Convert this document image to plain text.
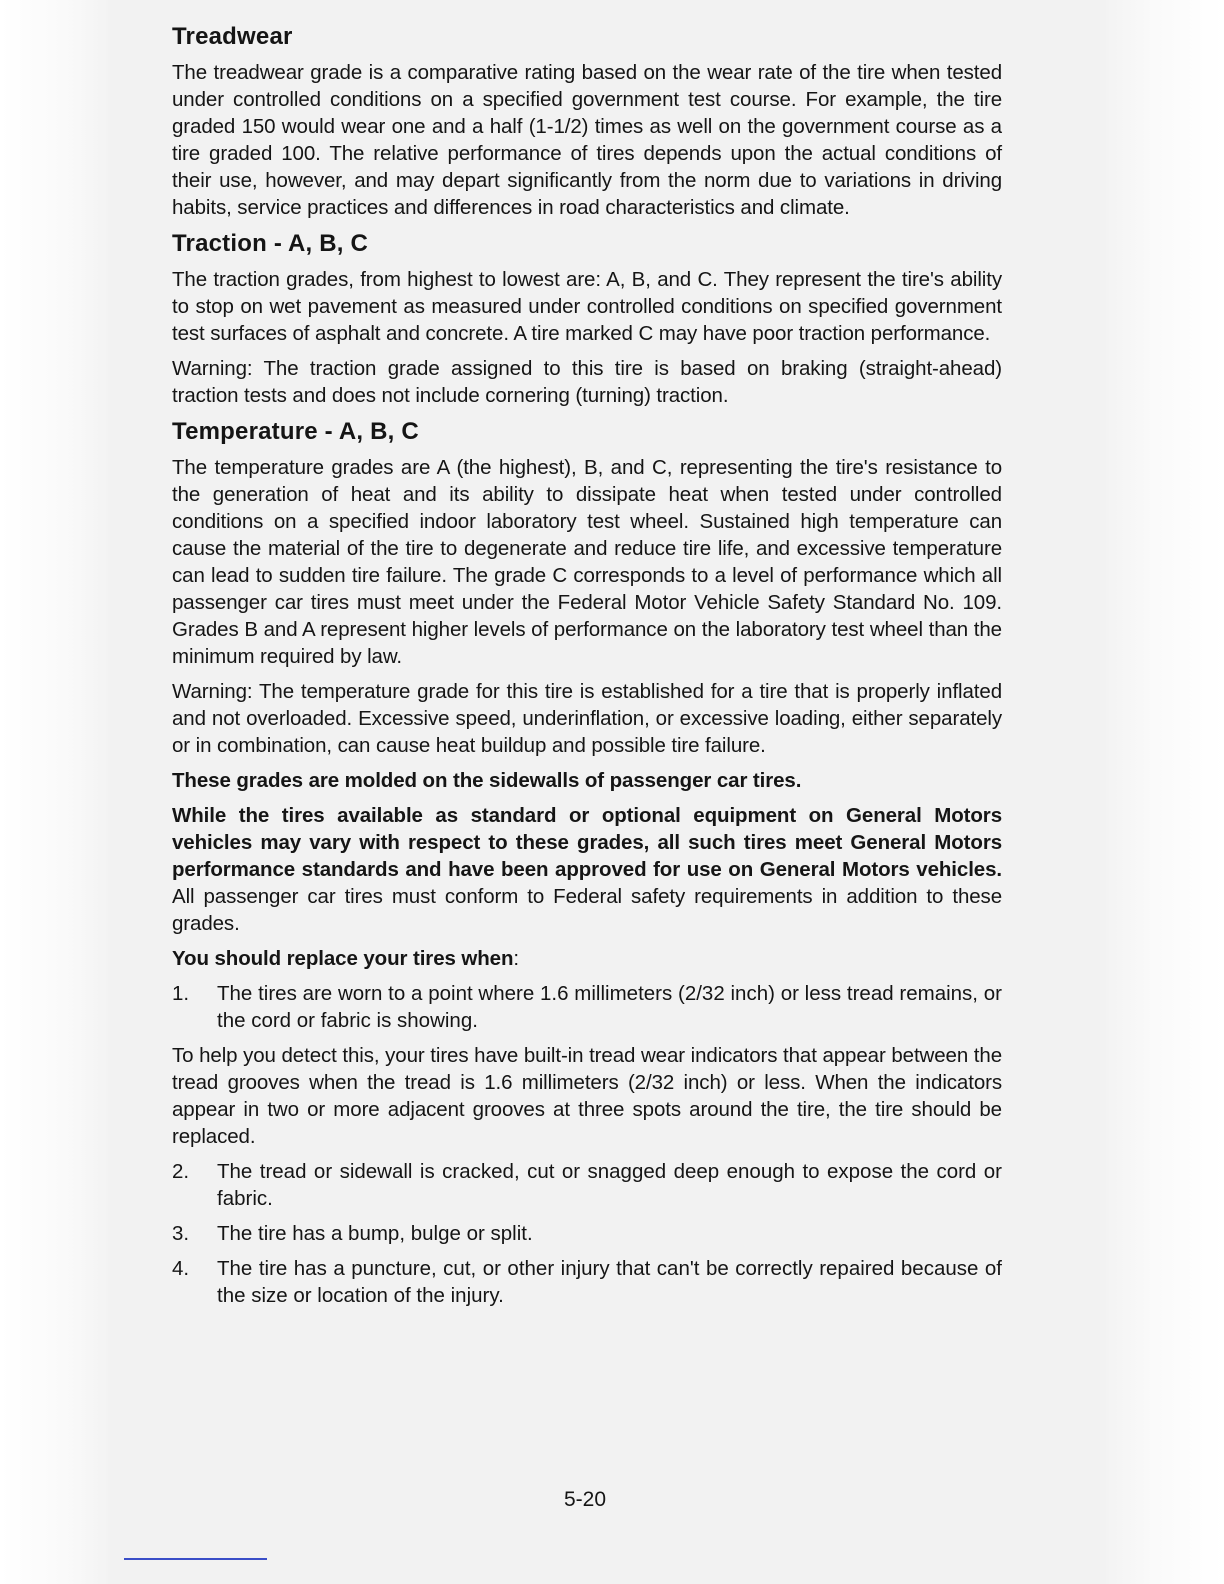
Treadwear

The treadwear grade is a comparative rating based on the wear rate of the tire when tested under controlled conditions on a specified government test course. For example, the tire graded 150 would wear one and a half (1-1/2) times as well on the government course as a tire graded 100. The relative performance of tires depends upon the actual conditions of their use, however, and may depart significantly from the norm due to variations in driving habits, service practices and differences in road characteristics and climate.

Traction - A, B, C

The traction grades, from highest to lowest are: A, B, and C. They represent the tire's ability to stop on wet pavement as measured under controlled conditions on specified government test surfaces of asphalt and concrete. A tire marked C may have poor traction performance.

Warning: The traction grade assigned to this tire is based on braking (straight-ahead) traction tests and does not include cornering (turning) traction.

Temperature - A, B, C

The temperature grades are A (the highest), B, and C, representing the tire's resistance to the generation of heat and its ability to dissipate heat when tested under controlled conditions on a specified indoor laboratory test wheel. Sustained high temperature can cause the material of the tire to degenerate and reduce tire life, and excessive temperature can lead to sudden tire failure. The grade C corresponds to a level of performance which all passenger car tires must meet under the Federal Motor Vehicle Safety Standard No. 109. Grades B and A represent higher levels of performance on the laboratory test wheel than the minimum required by law.

Warning: The temperature grade for this tire is established for a tire that is properly inflated and not overloaded. Excessive speed, underinflation, or excessive loading, either separately or in combination, can cause heat buildup and possible tire failure.

These grades are molded on the sidewalls of passenger car tires.

While the tires available as standard or optional equipment on General Motors vehicles may vary with respect to these grades, all such tires meet General Motors performance standards and have been approved for use on General Motors vehicles. All passenger car tires must conform to Federal safety requirements in addition to these grades.

You should replace your tires when:

1.	The tires are worn to a point where 1.6 millimeters (2/32 inch) or less tread remains, or the cord or fabric is showing.

To help you detect this, your tires have built-in tread wear indicators that appear between the tread grooves when the tread is 1.6 millimeters (2/32 inch) or less. When the indicators appear in two or more adjacent grooves at three spots around the tire, the tire should be replaced.

2.	The tread or sidewall is cracked, cut or snagged deep enough to expose the cord or fabric.
3.	The tire has a bump, bulge or split.
4.	The tire has a puncture, cut, or other injury that can't be correctly repaired because of the size or location of the injury.
5-20
